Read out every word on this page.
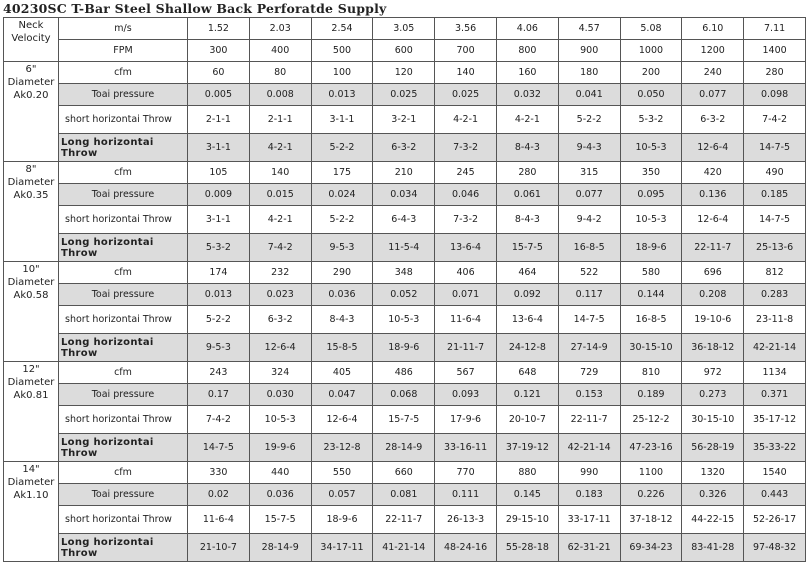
40230SC T-Bar Steel Shallow Back Perforatde Supply
Neck Velocity	m/s	1.52	2.03	2.54	3.05	3.56	4.06	4.57	5.08	6.10	7.11
	FPM	300	400	500	600	700	800	900	1000	1200	1400
6" Diameter Ak0.20	cfm	60	80	100	120	140	160	180	200	240	280
	Toai pressure	0.005	0.008	0.013	0.025	0.025	0.032	0.041	0.050	0.077	0.098
	short horizontai Throw	2-1-1	2-1-1	3-1-1	3-2-1	4-2-1	4-2-1	5-2-2	5-3-2	6-3-2	7-4-2
	Long horizontai Throw	3-1-1	4-2-1	5-2-2	6-3-2	7-3-2	8-4-3	9-4-3	10-5-3	12-6-4	14-7-5
8" Diameter Ak0.35	cfm	105	140	175	210	245	280	315	350	420	490
	Toai pressure	0.009	0.015	0.024	0.034	0.046	0.061	0.077	0.095	0.136	0.185
	short horizontai Throw	3-1-1	4-2-1	5-2-2	6-4-3	7-3-2	8-4-3	9-4-2	10-5-3	12-6-4	14-7-5
	Long horizontai Throw	5-3-2	7-4-2	9-5-3	11-5-4	13-6-4	15-7-5	16-8-5	18-9-6	22-11-7	25-13-6
10" Diameter Ak0.58	cfm	174	232	290	348	406	464	522	580	696	812
	Toai pressure	0.013	0.023	0.036	0.052	0.071	0.092	0.117	0.144	0.208	0.283
	short horizontai Throw	5-2-2	6-3-2	8-4-3	10-5-3	11-6-4	13-6-4	14-7-5	16-8-5	19-10-6	23-11-8
	Long horizontai Throw	9-5-3	12-6-4	15-8-5	18-9-6	21-11-7	24-12-8	27-14-9	30-15-10	36-18-12	42-21-14
12" Diameter Ak0.81	cfm	243	324	405	486	567	648	729	810	972	1134
	Toai pressure	0.17	0.030	0.047	0.068	0.093	0.121	0.153	0.189	0.273	0.371
	short horizontai Throw	7-4-2	10-5-3	12-6-4	15-7-5	17-9-6	20-10-7	22-11-7	25-12-2	30-15-10	35-17-12
	Long horizontai Throw	14-7-5	19-9-6	23-12-8	28-14-9	33-16-11	37-19-12	42-21-14	47-23-16	56-28-19	35-33-22
14" Diameter Ak1.10	cfm	330	440	550	660	770	880	990	1100	1320	1540
	Toai pressure	0.02	0.036	0.057	0.081	0.111	0.145	0.183	0.226	0.326	0.443
	short horizontai Throw	11-6-4	15-7-5	18-9-6	22-11-7	26-13-3	29-15-10	33-17-11	37-18-12	44-22-15	52-26-17
	Long horizontai Throw	21-10-7	28-14-9	34-17-11	41-21-14	48-24-16	55-28-18	62-31-21	69-34-23	83-41-28	97-48-32
